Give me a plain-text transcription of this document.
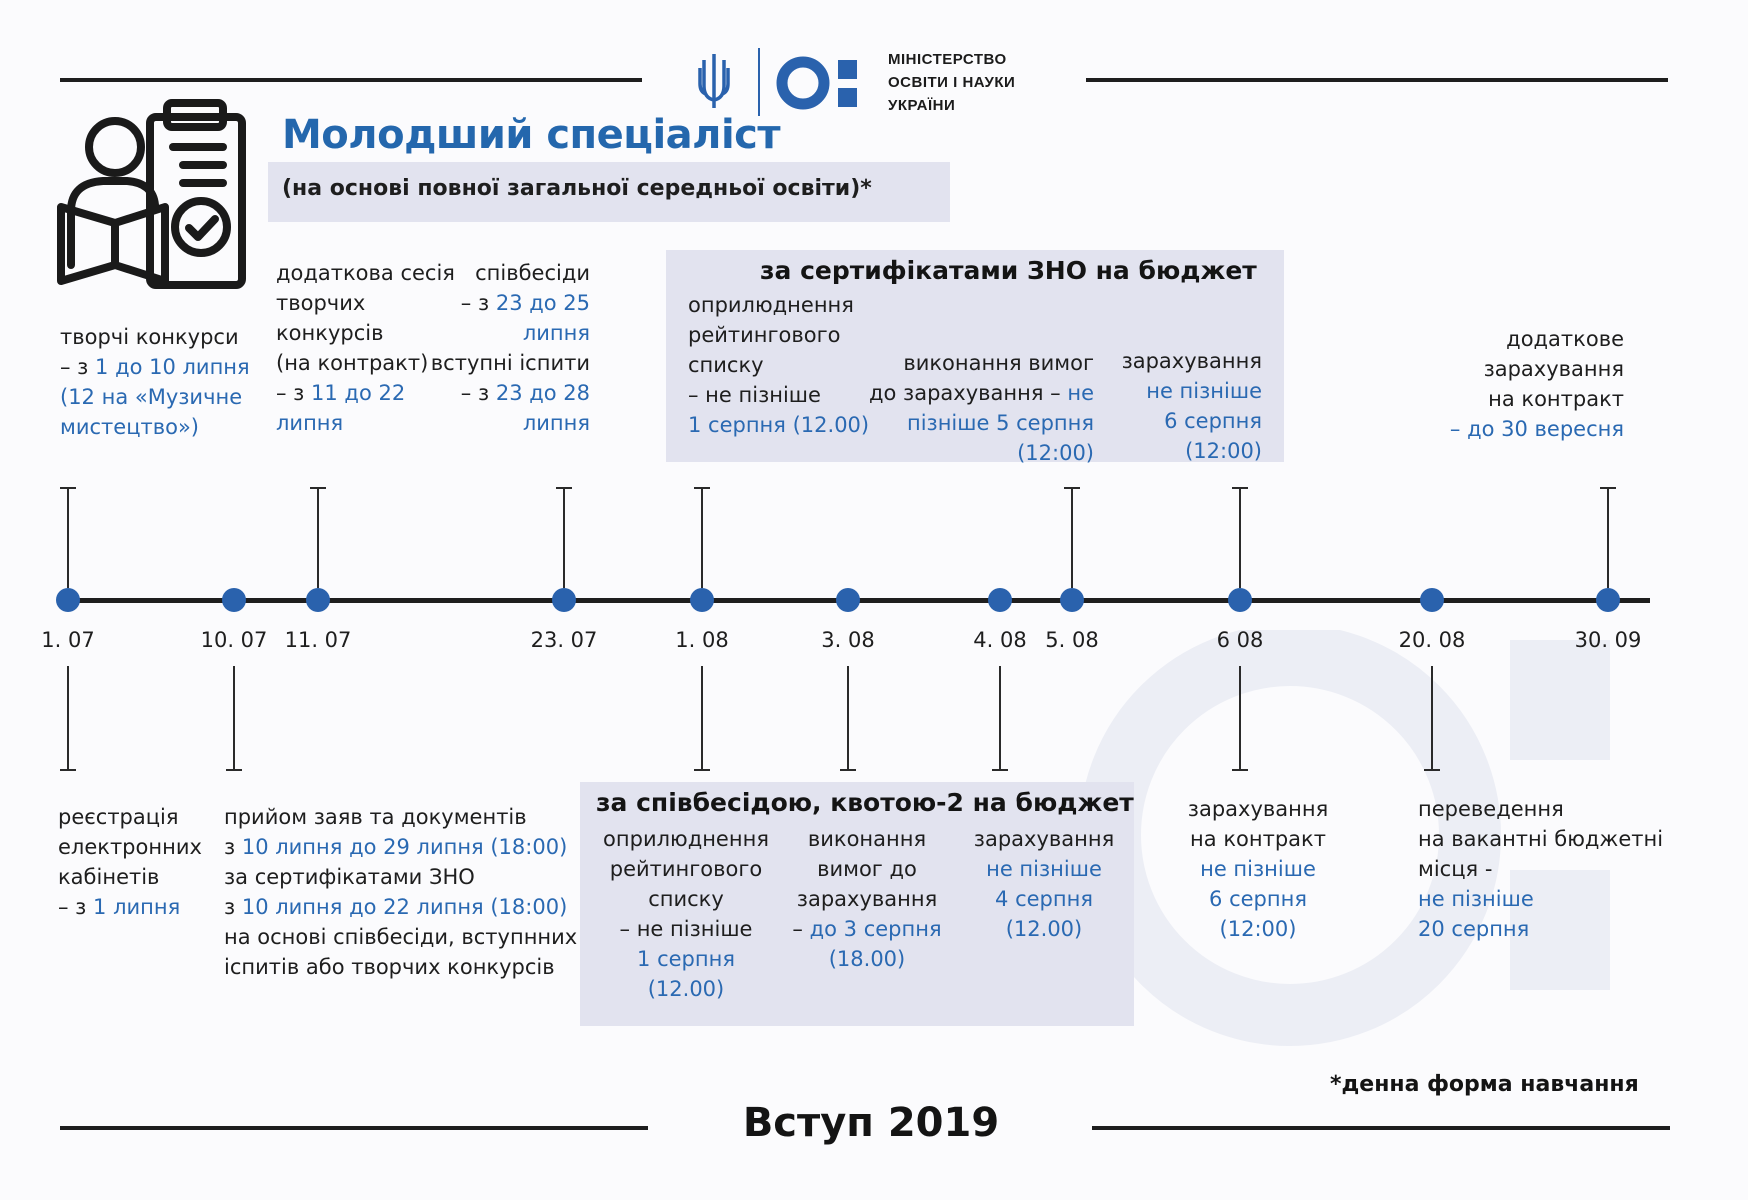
МІНІСТЕРСТВО
ОСВІТИ І НАУКИ
УКРАЇНИ
Молодший спеціаліст
(на основі повної загальної середньої освіти)*
за сертифікатами ЗНО на бюджет
за співбесідою, квотою-2 на бюджет
творчі конкурси
– з 1 до 10 липня
(12 на «Музичне
мистецтво»)
додаткова сесія
творчих
конкурсів
(на контракт)
– з 11 до 22
липня
співбесіди
– з 23 до 25
липня
вступні іспити
– з 23 до 28
липня
оприлюднення
рейтингового
списку
– не пізніше
1 серпня (12.00)
виконання вимог
до зарахування – не
пізніше 5 серпня
(12:00)
зарахування
не пізніше
6 серпня
(12:00)
додаткове
зарахування
на контракт
– до 30 вересня
1. 07	10. 07 11. 07	23. 07	1. 08	3. 08	4. 08 5. 08	6 08	20. 08	30. 09
реєстрація
електронних
кабінетів
– з 1 липня
прийом заяв та документів
з 10 липня до 29 липня (18:00)
за сертифікатами ЗНО
з 10 липня до 22 липня (18:00)
на основі співбесіди, вступнних
іспитів або творчих конкурсів
оприлюднення
рейтингового
списку
– не пізніше
1 серпня
(12.00)
виконання
вимог до
зарахування
– до 3 серпня
(18.00)
зарахування
не пізніше
4 серпня
(12.00)
зарахування
на контракт
не пізніше
6 серпня
(12:00)
переведення
на вакантні бюджетні
місця -
не пізніше
20 серпня
*денна форма навчання
Вступ 2019
